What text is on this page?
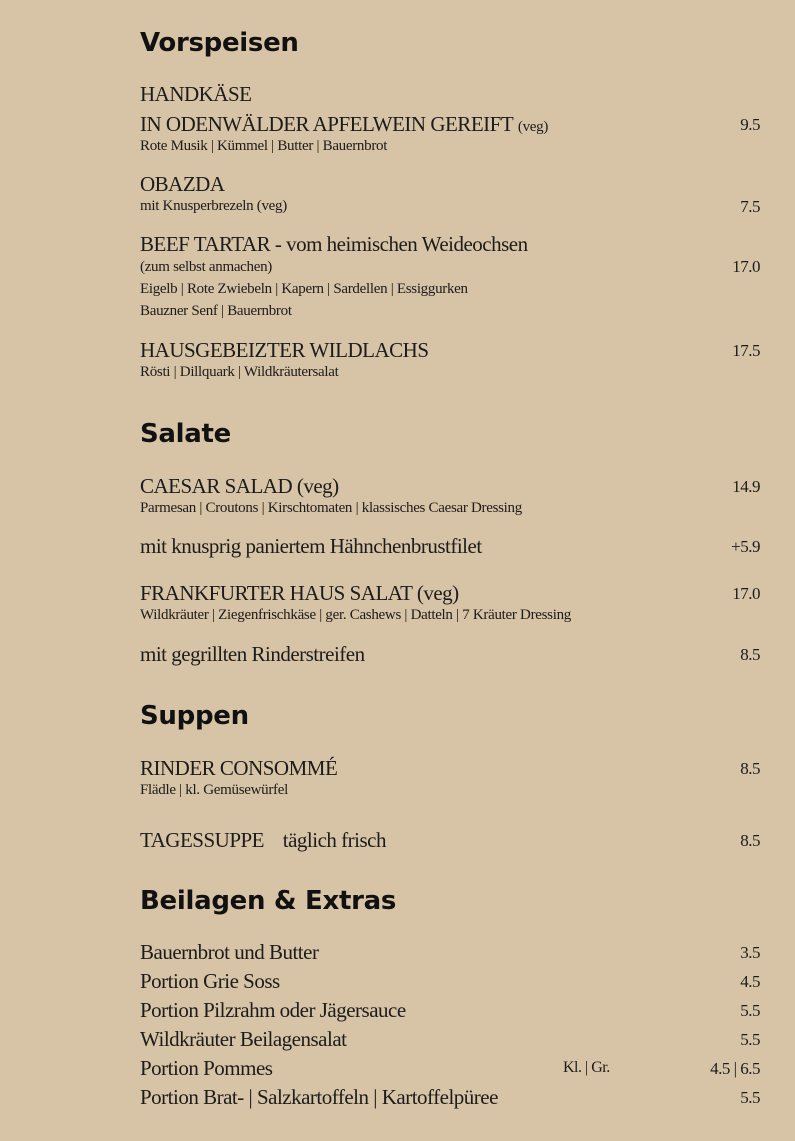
Vorspeisen
HANDKÄSE
IN ODENWÄLDER APFELWEIN GEREIFT (veg)	9.5
Rote Musik | Kümmel | Butter | Bauernbrot
OBAZDA
mit Knusperbrezeln (veg)	7.5
BEEF TARTAR - vom heimischen Weideochsen
(zum selbst anmachen)	17.0
Eigelb | Rote Zwiebeln | Kapern | Sardellen | Essiggurken
Bauzner Senf | Bauernbrot
HAUSGEBEIZTER WILDLACHS	17.5
Rösti | Dillquark | Wildkräutersalat
Salate
CAESAR SALAD (veg)	14.9
Parmesan | Croutons | Kirschtomaten | klassisches Caesar Dressing
mit knusprig paniertem Hähnchenbrustfilet	+5.9
FRANKFURTER HAUS SALAT (veg)	17.0
Wildkräuter | Ziegenfrischkäse | ger. Cashews | Datteln | 7 Kräuter Dressing
mit gegrillten Rinderstreifen	8.5
Suppen
RINDER CONSOMMÉ	8.5
Flädle | kl. Gemüsewürfel
TAGESSUPPE täglich frisch	8.5
Beilagen & Extras
Bauernbrot und Butter	3.5
Portion Grie Soss	4.5
Portion Pilzrahm oder Jägersauce	5.5
Wildkräuter Beilagensalat	5.5
Portion Pommes	Kl. | Gr.	4.5 | 6.5
Portion Brat- | Salzkartoffeln | Kartoffelpüree	5.5
